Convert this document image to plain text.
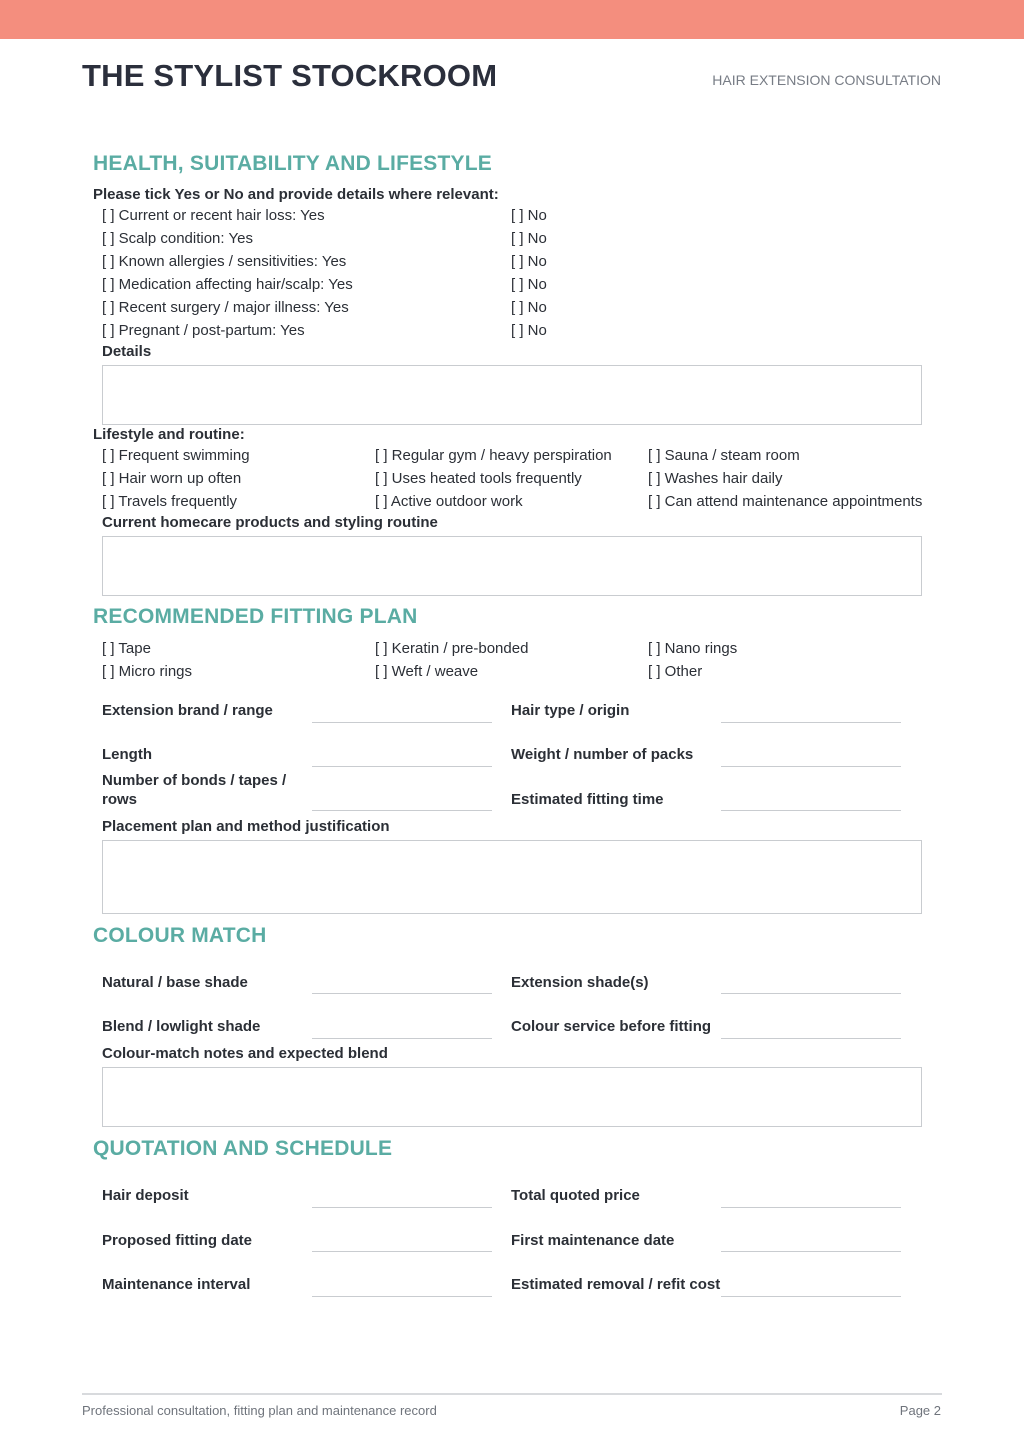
THE STYLIST STOCKROOM	HAIR EXTENSION CONSULTATION
HEALTH, SUITABILITY AND LIFESTYLE
Please tick Yes or No and provide details where relevant:
[ ] Current or recent hair loss: Yes	[ ] No
[ ] Scalp condition: Yes	[ ] No
[ ] Known allergies / sensitivities: Yes	[ ] No
[ ] Medication affecting hair/scalp: Yes	[ ] No
[ ] Recent surgery / major illness: Yes	[ ] No
[ ] Pregnant / post-partum: Yes	[ ] No
Details
Lifestyle and routine:
[ ] Frequent swimming	[ ] Regular gym / heavy perspiration [ ] Sauna / steam room
[ ] Hair worn up often	[ ] Uses heated tools frequently	[ ] Washes hair daily
[ ] Travels frequently	[ ] Active outdoor work	[ ] Can attend maintenance appointments
Current homecare products and styling routine
RECOMMENDED FITTING PLAN
[ ] Tape	[ ] Keratin / pre-bonded	[ ] Nano rings
[ ] Micro rings	[ ] Weft / weave	[ ] Other
Extension brand / range	Hair type / origin
Length	Weight / number of packs
Number of bonds / tapes / rows	Estimated fitting time
Placement plan and method justification
COLOUR MATCH
Natural / base shade	Extension shade(s)
Blend / lowlight shade	Colour service before fitting
Colour-match notes and expected blend
QUOTATION AND SCHEDULE
Hair deposit	Total quoted price
Proposed fitting date	First maintenance date
Maintenance interval	Estimated removal / refit cost
Professional consultation, fitting plan and maintenance record	Page 2
